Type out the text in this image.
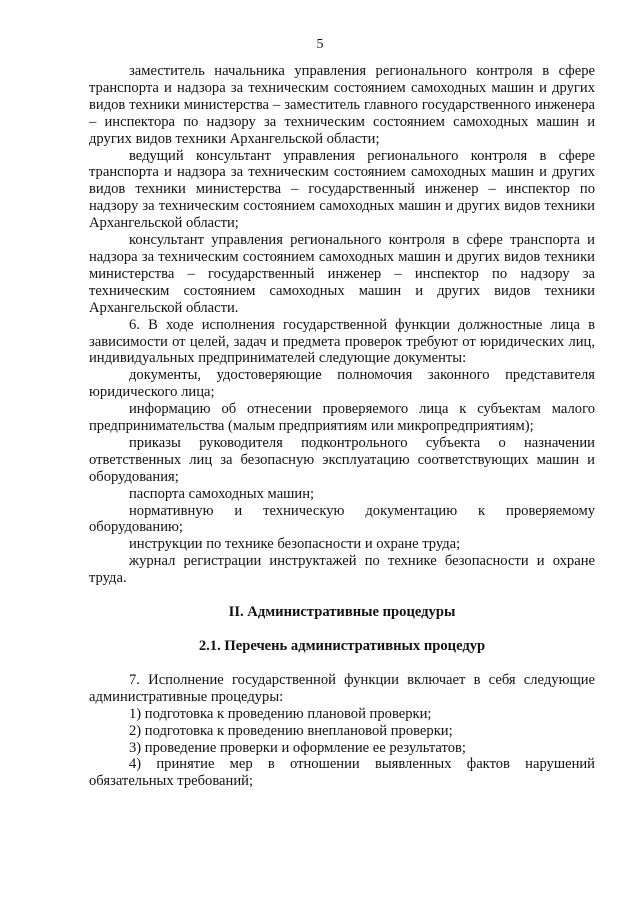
5

заместитель начальника управления регионального контроля в сфере транспорта и надзора за техническим состоянием самоходных машин и других видов техники министерства – заместитель главного государственного инженера – инспектора по надзору за техническим состоянием самоходных машин и других видов техники Архангельской области;

ведущий консультант управления регионального контроля в сфере транспорта и надзора за техническим состоянием самоходных машин и других видов техники министерства – государственный инженер – инспектор по надзору за техническим состоянием самоходных машин и других видов техники Архангельской области;

консультант управления регионального контроля в сфере транспорта и надзора за техническим состоянием самоходных машин и других видов техники министерства – государственный инженер – инспектор по надзору за техническим состоянием самоходных машин и других видов техники Архангельской области.

6. В ходе исполнения государственной функции должностные лица в зависимости от целей, задач и предмета проверок требуют от юридических лиц, индивидуальных предпринимателей следующие документы:

документы, удостоверяющие полномочия законного представителя юридического лица;

информацию об отнесении проверяемого лица к субъектам малого предпринимательства (малым предприятиям или микропредприятиям);

приказы руководителя подконтрольного субъекта о назначении ответственных лиц за безопасную эксплуатацию соответствующих машин и оборудования;

паспорта самоходных машин;

нормативную и техническую документацию к проверяемому оборудованию;

инструкции по технике безопасности и охране труда;

журнал регистрации инструктажей по технике безопасности и охране труда.

II. Административные процедуры
2.1. Перечень административных процедур

7. Исполнение государственной функции включает в себя следующие административные процедуры:

1) подготовка к проведению плановой проверки;

2) подготовка к проведению внеплановой проверки;

3) проведение проверки и оформление ее результатов;

4) принятие мер в отношении выявленных фактов нарушений обязательных требований;
